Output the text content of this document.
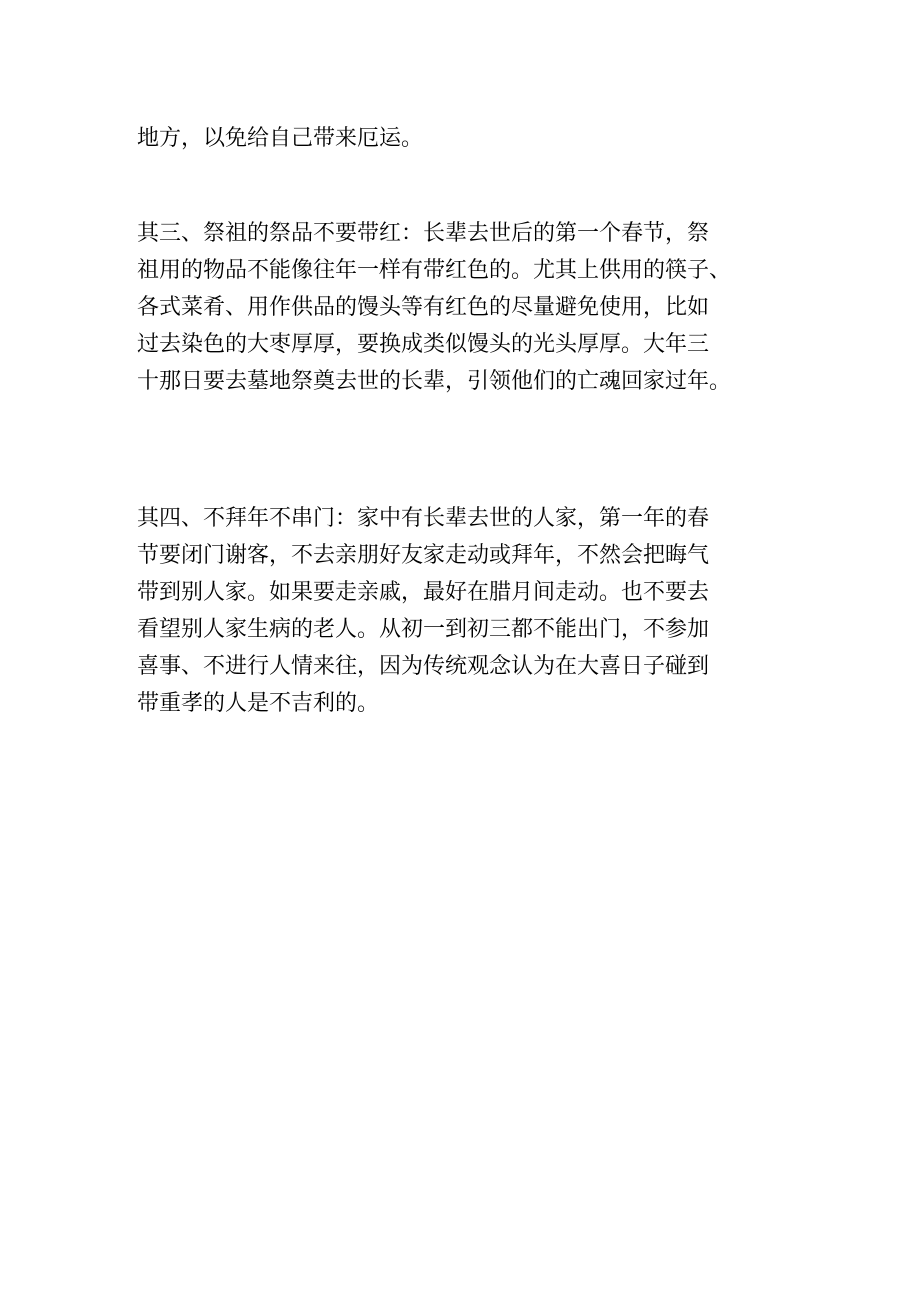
地方，以免给自己带来厄运。
其三、祭祖的祭品不要带红：长辈去世后的第一个春节，祭
祖用的物品不能像往年一样有带红色的。尤其上供用的筷子、
各式菜肴、用作供品的馒头等有红色的尽量避免使用，比如
过去染色的大枣厚厚，要换成类似馒头的光头厚厚。大年三
十那日要去墓地祭奠去世的长辈，引领他们的亡魂回家过年。
其四、不拜年不串门：家中有长辈去世的人家，第一年的春
节要闭门谢客，不去亲朋好友家走动或拜年，不然会把晦气
带到别人家。如果要走亲戚，最好在腊月间走动。也不要去
看望别人家生病的老人。从初一到初三都不能出门，不参加
喜事、不进行人情来往，因为传统观念认为在大喜日子碰到
带重孝的人是不吉利的。
